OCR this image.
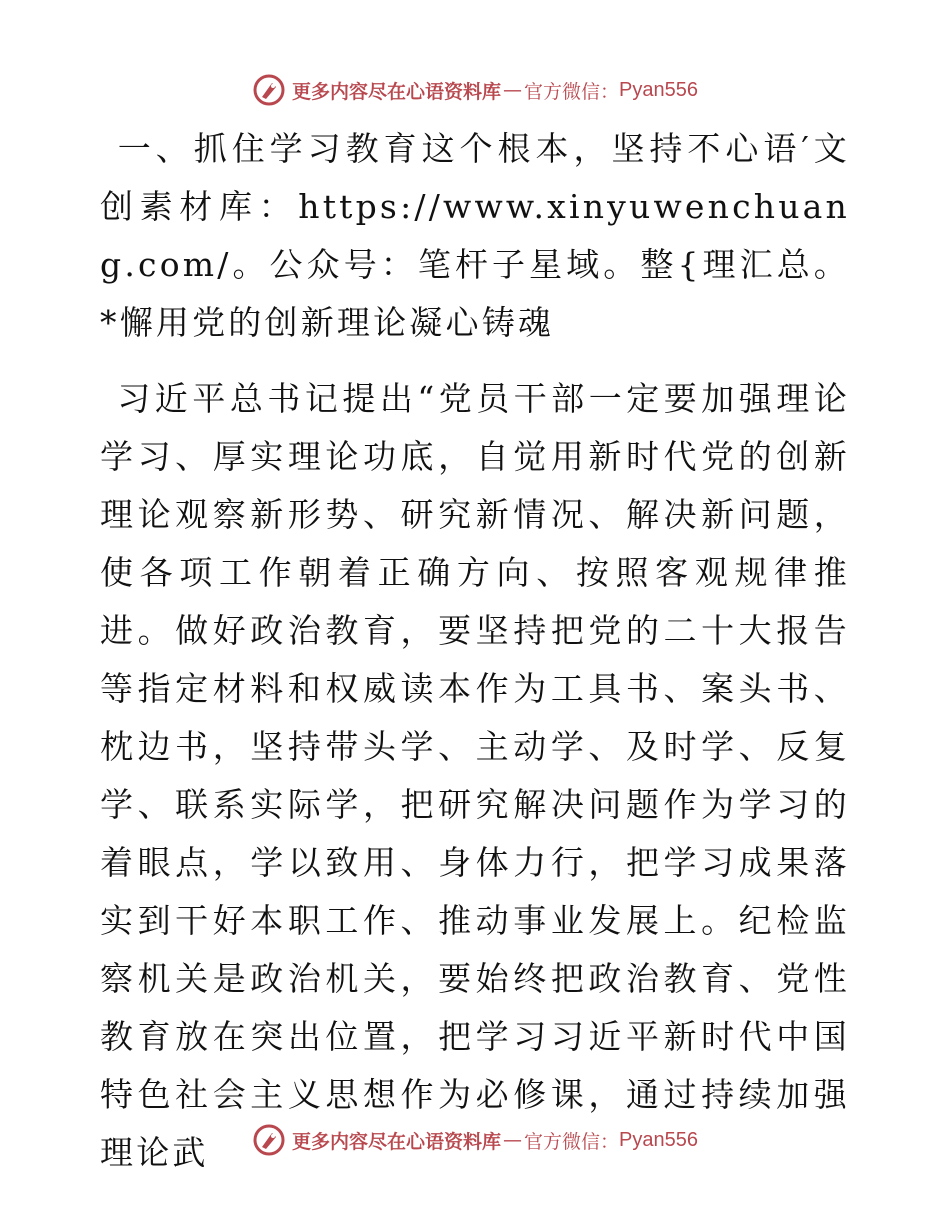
更多内容尽在心语资料库 — 官方微信： Pyan556

一、抓住学习教育这个根本，坚持不心语′文创素材库：https://www.xinyuwenchuang.com/。公众号：笔杆子星域。整{理汇总。*懈用党的创新理论凝心铸魂

习近平总书记提出“党员干部一定要加强理论学习、厚实理论功底，自觉用新时代党的创新理论观察新形势、研究新情况、解决新问题，使各项工作朝着正确方向、按照客观规律推进。做好政治教育，要坚持把党的二十大报告等指定材料和权威读本作为工具书、案头书、枕边书，坚持带头学、主动学、及时学、反复学、联系实际学，把研究解决问题作为学习的着眼点，学以致用、身体力行，把学习成果落实到干好本职工作、推动事业发展上。纪检监察机关是政治机关，要始终把政治教育、党性教育放在突出位置，把学习习近平新时代中国特色社会主义思想作为必修课，通过持续加强理论武	更多内容尽在心语资料库 — 官方微信： Pyan556
